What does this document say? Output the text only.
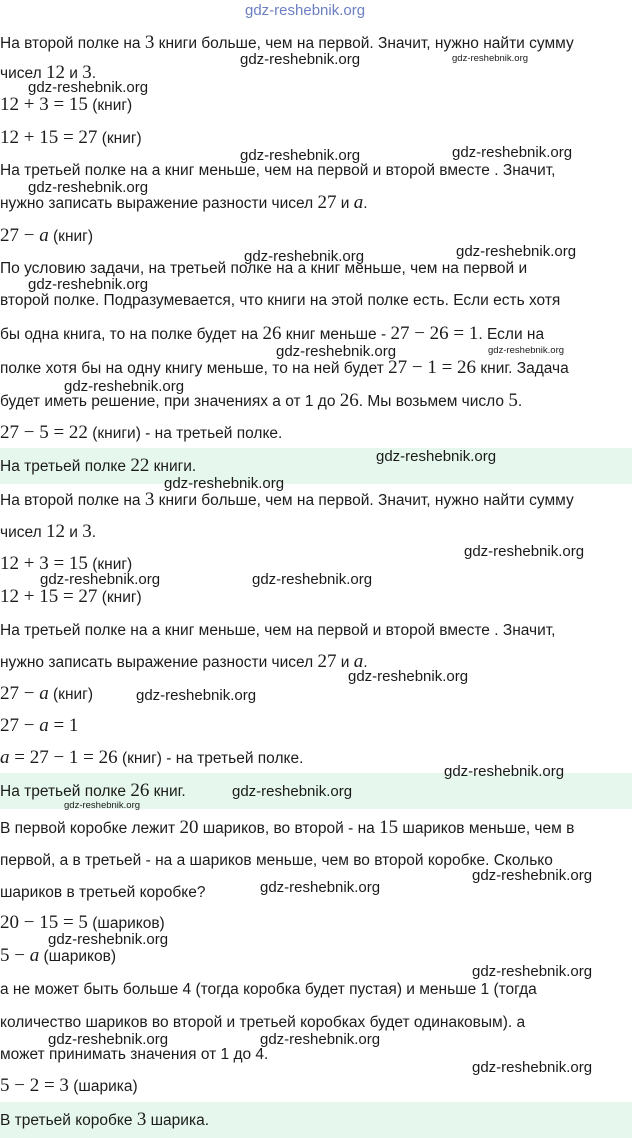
На второй полке на 3 книги больше, чем на первой. Значит, нужно найти сумму
чисел 12 и 3.
12 + 3 = 15 (книг)
12 + 15 = 27 (книг)
На третьей полке на а книг меньше, чем на первой и второй вместе . Значит,
нужно записать выражение разности чисел 27 и a.
27 − a (книг)
По условию задачи, на третьей полке на а книг меньше, чем на первой и
второй полке. Подразумевается, что книги на этой полке есть. Если есть хотя
бы одна книга, то на полке будет на 26 книг меньше - 27 − 26 = 1. Если на
полке хотя бы на одну книгу меньше, то на ней будет 27 − 1 = 26 книг. Задача
будет иметь решение, при значениях а от 1 до 26. Мы возьмем число 5.
27 − 5 = 22 (книги) - на третьей полке.
На третьей полке 22 книги.
На второй полке на 3 книги больше, чем на первой. Значит, нужно найти сумму
чисел 12 и 3.
12 + 3 = 15 (книг)
12 + 15 = 27 (книг)
На третьей полке на а книг меньше, чем на первой и второй вместе . Значит,
нужно записать выражение разности чисел 27 и a.
27 − a (книг)
27 − a = 1
a = 27 − 1 = 26 (книг) - на третьей полке.
На третьей полке 26 книг.
В первой коробке лежит 20 шариков, во второй - на 15 шариков меньше, чем в
первой, а в третьей - на а шариков меньше, чем во второй коробке. Сколько
шариков в третьей коробке?
20 − 15 = 5 (шариков)
5 − a (шариков)
а не может быть больше 4 (тогда коробка будет пустая) и меньше 1 (тогда
количество шариков во второй и третьей коробках будет одинаковым). а
может принимать значения от 1 до 4.
5 − 2 = 3 (шарика)
В третьей коробке 3 шарика.
gdz-reshebnik.org
gdz-reshebnik.org	gdz-reshebnik.org
gdz-reshebnik.org
gdz-reshebnik.org	gdz-reshebnik.org
gdz-reshebnik.org
gdz-reshebnik.org	gdz-reshebnik.org
gdz-reshebnik.org
gdz-reshebnik.org	gdz-reshebnik.org
gdz-reshebnik.org
gdz-reshebnik.org
gdz-reshebnik.org
gdz-reshebnik.org
gdz-reshebnik.org	gdz-reshebnik.org
gdz-reshebnik.org
gdz-reshebnik.org
gdz-reshebnik.org
gdz-reshebnik.org
gdz-reshebnik.org
gdz-reshebnik.org
gdz-reshebnik.org
gdz-reshebnik.org
gdz-reshebnik.org
gdz-reshebnik.org	gdz-reshebnik.org
gdz-reshebnik.org
